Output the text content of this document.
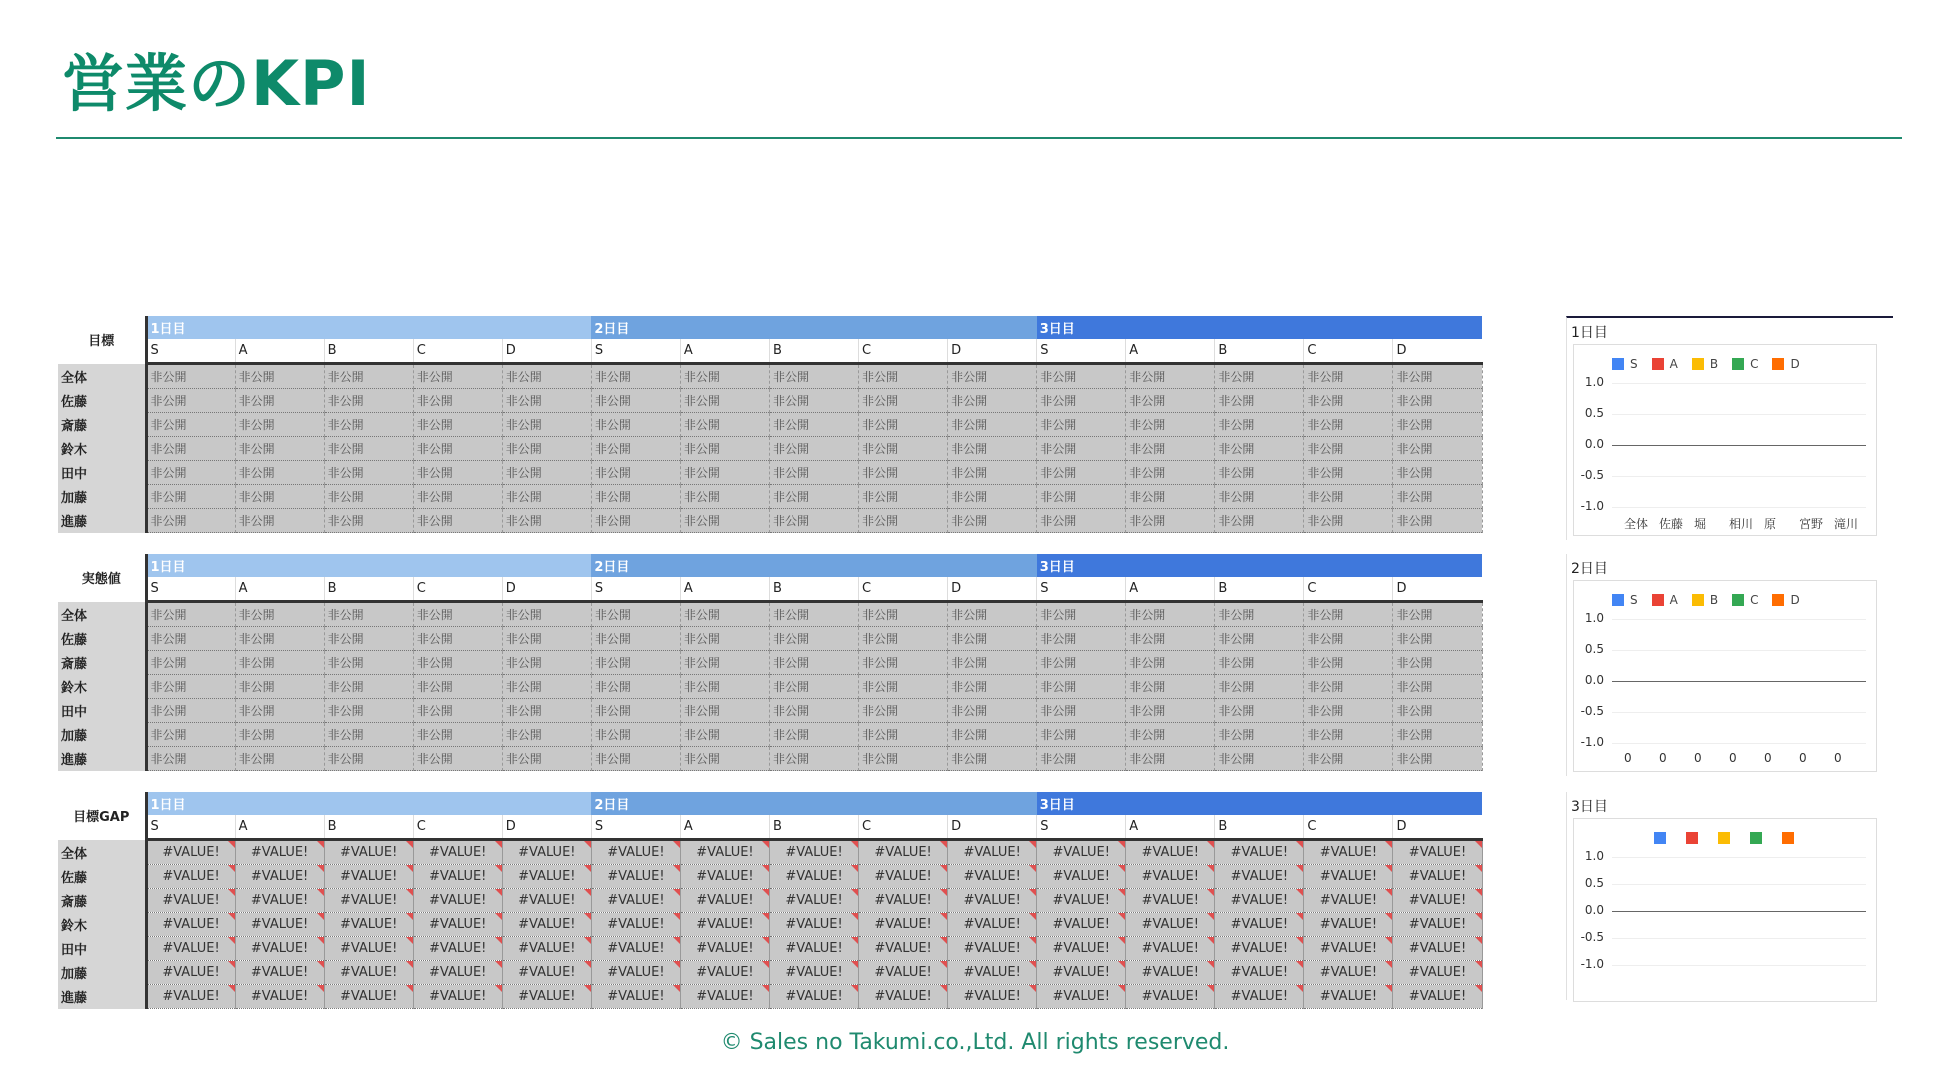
営業のKPI
目標	1日目					2日目					3日目				
	S	A	B	C	D	S	A	B	C	D	S	A	B	C	D
全体	非公開	非公開	非公開	非公開	非公開	非公開	非公開	非公開	非公開	非公開	非公開	非公開	非公開	非公開	非公開
佐藤	非公開	非公開	非公開	非公開	非公開	非公開	非公開	非公開	非公開	非公開	非公開	非公開	非公開	非公開	非公開
斎藤	非公開	非公開	非公開	非公開	非公開	非公開	非公開	非公開	非公開	非公開	非公開	非公開	非公開	非公開	非公開
鈴木	非公開	非公開	非公開	非公開	非公開	非公開	非公開	非公開	非公開	非公開	非公開	非公開	非公開	非公開	非公開
田中	非公開	非公開	非公開	非公開	非公開	非公開	非公開	非公開	非公開	非公開	非公開	非公開	非公開	非公開	非公開
加藤	非公開	非公開	非公開	非公開	非公開	非公開	非公開	非公開	非公開	非公開	非公開	非公開	非公開	非公開	非公開
進藤	非公開	非公開	非公開	非公開	非公開	非公開	非公開	非公開	非公開	非公開	非公開	非公開	非公開	非公開	非公開
実態値	1日目					2日目					3日目				
	S	A	B	C	D	S	A	B	C	D	S	A	B	C	D
全体	非公開	非公開	非公開	非公開	非公開	非公開	非公開	非公開	非公開	非公開	非公開	非公開	非公開	非公開	非公開
佐藤	非公開	非公開	非公開	非公開	非公開	非公開	非公開	非公開	非公開	非公開	非公開	非公開	非公開	非公開	非公開
斎藤	非公開	非公開	非公開	非公開	非公開	非公開	非公開	非公開	非公開	非公開	非公開	非公開	非公開	非公開	非公開
鈴木	非公開	非公開	非公開	非公開	非公開	非公開	非公開	非公開	非公開	非公開	非公開	非公開	非公開	非公開	非公開
田中	非公開	非公開	非公開	非公開	非公開	非公開	非公開	非公開	非公開	非公開	非公開	非公開	非公開	非公開	非公開
加藤	非公開	非公開	非公開	非公開	非公開	非公開	非公開	非公開	非公開	非公開	非公開	非公開	非公開	非公開	非公開
進藤	非公開	非公開	非公開	非公開	非公開	非公開	非公開	非公開	非公開	非公開	非公開	非公開	非公開	非公開	非公開
目標GAP	1日目					2日目					3日目				
	S	A	B	C	D	S	A	B	C	D	S	A	B	C	D
全体	#VALUE!	#VALUE!	#VALUE!	#VALUE!	#VALUE!	#VALUE!	#VALUE!	#VALUE!	#VALUE!	#VALUE!	#VALUE!	#VALUE!	#VALUE!	#VALUE!	#VALUE!
佐藤	#VALUE!	#VALUE!	#VALUE!	#VALUE!	#VALUE!	#VALUE!	#VALUE!	#VALUE!	#VALUE!	#VALUE!	#VALUE!	#VALUE!	#VALUE!	#VALUE!	#VALUE!
斎藤	#VALUE!	#VALUE!	#VALUE!	#VALUE!	#VALUE!	#VALUE!	#VALUE!	#VALUE!	#VALUE!	#VALUE!	#VALUE!	#VALUE!	#VALUE!	#VALUE!	#VALUE!
鈴木	#VALUE!	#VALUE!	#VALUE!	#VALUE!	#VALUE!	#VALUE!	#VALUE!	#VALUE!	#VALUE!	#VALUE!	#VALUE!	#VALUE!	#VALUE!	#VALUE!	#VALUE!
田中	#VALUE!	#VALUE!	#VALUE!	#VALUE!	#VALUE!	#VALUE!	#VALUE!	#VALUE!	#VALUE!	#VALUE!	#VALUE!	#VALUE!	#VALUE!	#VALUE!	#VALUE!
加藤	#VALUE!	#VALUE!	#VALUE!	#VALUE!	#VALUE!	#VALUE!	#VALUE!	#VALUE!	#VALUE!	#VALUE!	#VALUE!	#VALUE!	#VALUE!	#VALUE!	#VALUE!
進藤	#VALUE!	#VALUE!	#VALUE!	#VALUE!	#VALUE!	#VALUE!	#VALUE!	#VALUE!	#VALUE!	#VALUE!	#VALUE!	#VALUE!	#VALUE!	#VALUE!	#VALUE!
1日目
S	A	B	C	D
1.0
0.5
0.0
-0.5
-1.0
全体 佐藤 堀 相川 原 宮野 滝川
2日目
S	A	B	C	D
1.0
0.5
0.0
-0.5
-1.0
0 0 0 0 0 0 0
3日目
1.0
0.5
0.0
-0.5
-1.0
© Sales no Takumi.co.,Ltd. All rights reserved.
